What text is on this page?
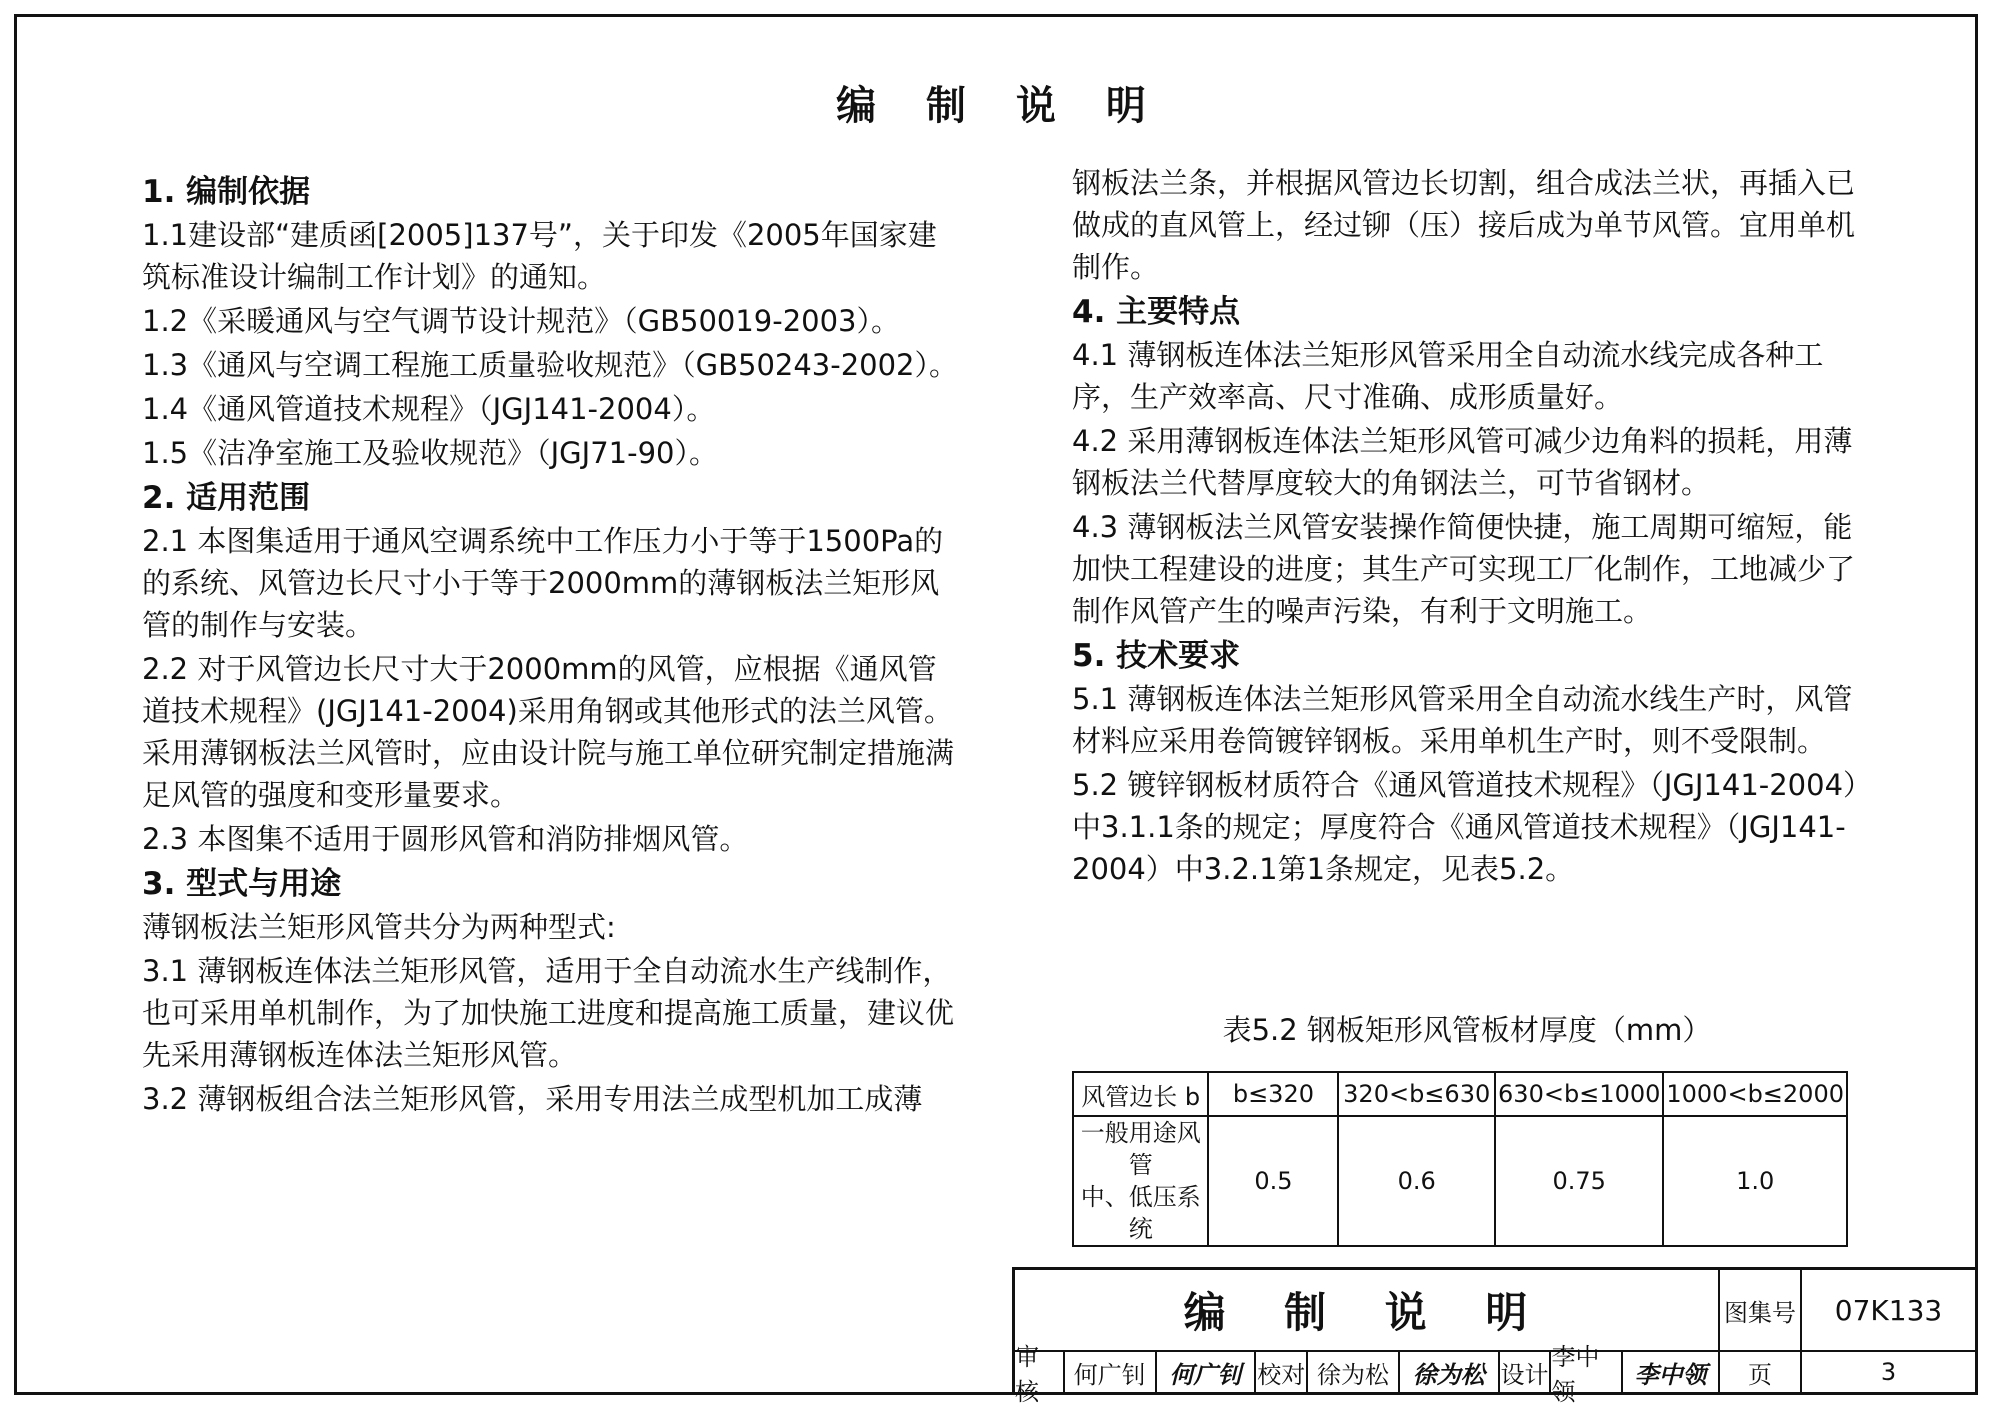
编 制 说 明
1. 编制依据

1.1建设部“建质函[2005]137号”，关于印发《2005年国家建筑标准设计编制工作计划》的通知。

1.2《采暖通风与空气调节设计规范》（GB50019-2003）。

1.3《通风与空调工程施工质量验收规范》（GB50243-2002）。

1.4《通风管道技术规程》（JGJ141-2004）。

1.5《洁净室施工及验收规范》（JGJ71-90）。

2. 适用范围

2.1 本图集适用于通风空调系统中工作压力小于等于1500Pa的的系统、风管边长尺寸小于等于2000mm的薄钢板法兰矩形风管的制作与安装。

2.2 对于风管边长尺寸大于2000mm的风管，应根据《通风管道技术规程》(JGJ141-2004)采用角钢或其他形式的法兰风管。采用薄钢板法兰风管时，应由设计院与施工单位研究制定措施满足风管的强度和变形量要求。

2.3 本图集不适用于圆形风管和消防排烟风管。

3. 型式与用途

薄钢板法兰矩形风管共分为两种型式:

3.1 薄钢板连体法兰矩形风管，适用于全自动流水生产线制作，也可采用单机制作，为了加快施工进度和提高施工质量，建议优先采用薄钢板连体法兰矩形风管。

3.2 薄钢板组合法兰矩形风管，采用专用法兰成型机加工成薄

钢板法兰条，并根据风管边长切割，组合成法兰状，再插入已做成的直风管上，经过铆（压）接后成为单节风管。宜用单机制作。

4. 主要特点

4.1 薄钢板连体法兰矩形风管采用全自动流水线完成各种工序，生产效率高、尺寸准确、成形质量好。

4.2 采用薄钢板连体法兰矩形风管可减少边角料的损耗，用薄钢板法兰代替厚度较大的角钢法兰，可节省钢材。

4.3 薄钢板法兰风管安装操作简便快捷，施工周期可缩短，能加快工程建设的进度；其生产可实现工厂化制作，工地减少了制作风管产生的噪声污染，有利于文明施工。

5. 技术要求

5.1 薄钢板连体法兰矩形风管采用全自动流水线生产时，风管材料应采用卷筒镀锌钢板。采用单机生产时，则不受限制。

5.2 镀锌钢板材质符合《通风管道技术规程》（JGJ141-2004）中3.1.1条的规定；厚度符合《通风管道技术规程》（JGJ141-2004）中3.2.1第1条规定，见表5.2。

表5.2 钢板矩形风管板材厚度（mm）
风管边长 b	b≤320	320<b≤630	630<b≤1000	1000<b≤2000

一般用途风管
中、低压系统	0.5	0.6	0.75	1.0
编 制 说 明	图集号	07K133
页	3
审核
何广钊 何广钊 校对 徐为松 徐为松 设计
李中领
李中领
